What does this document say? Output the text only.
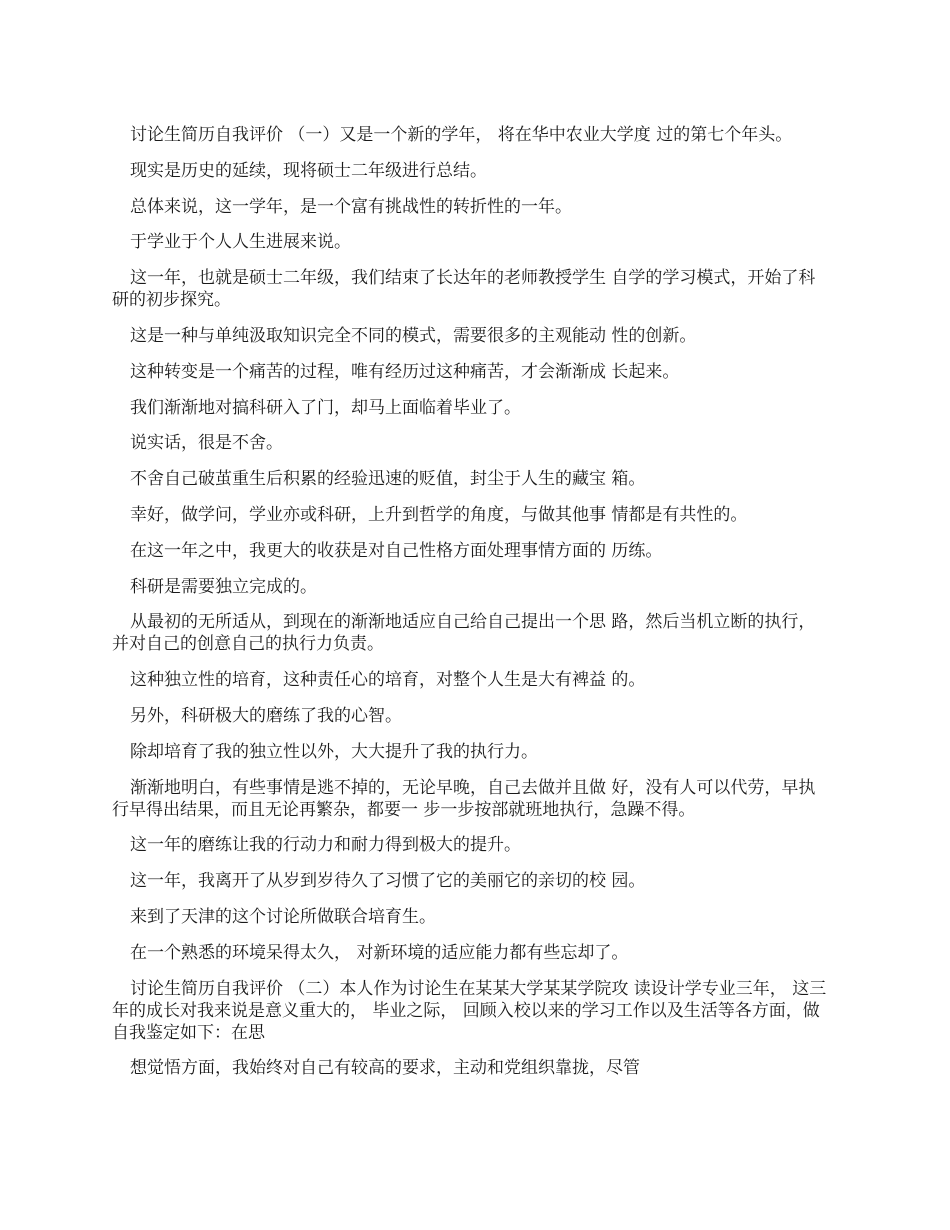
讨论生简历自我评价 （一）又是一个新的学年， 将在华中农业大学度 过的第七个年头。

现实是历史的延续，现将硕士二年级进行总结。

总体来说，这一学年，是一个富有挑战性的转折性的一年。

于学业于个人人生进展来说。

这一年，也就是硕士二年级，我们结束了长达年的老师教授学生 自学的学习模式，开始了科研的初步探究。

这是一种与单纯汲取知识完全不同的模式，需要很多的主观能动 性的创新。

这种转变是一个痛苦的过程，唯有经历过这种痛苦，才会渐渐成 长起来。

我们渐渐地对搞科研入了门，却马上面临着毕业了。

说实话，很是不舍。

不舍自己破茧重生后积累的经验迅速的贬值，封尘于人生的藏宝 箱。

幸好，做学问，学业亦或科研，上升到哲学的角度，与做其他事 情都是有共性的。

在这一年之中，我更大的收获是对自己性格方面处理事情方面的 历练。

科研是需要独立完成的。

从最初的无所适从，到现在的渐渐地适应自己给自己提出一个思 路，然后当机立断的执行，并对自己的创意自己的执行力负责。

这种独立性的培育，这种责任心的培育，对整个人生是大有裨益 的。

另外，科研极大的磨练了我的心智。

除却培育了我的独立性以外，大大提升了我的执行力。

渐渐地明白，有些事情是逃不掉的，无论早晚，自己去做并且做 好，没有人可以代劳，早执行早得出结果，而且无论再繁杂，都要一 步一步按部就班地执行，急躁不得。

这一年的磨练让我的行动力和耐力得到极大的提升。

这一年，我离开了从岁到岁待久了习惯了它的美丽它的亲切的校 园。

来到了天津的这个讨论所做联合培育生。

在一个熟悉的环境呆得太久， 对新环境的适应能力都有些忘却了。

讨论生简历自我评价 （二）本人作为讨论生在某某大学某某学院攻 读设计学专业三年， 这三年的成长对我来说是意义重大的， 毕业之际， 回顾入校以来的学习工作以及生活等各方面，做自我鉴定如下：在思

想觉悟方面，我始终对自己有较高的要求，主动和党组织靠拢，尽管
